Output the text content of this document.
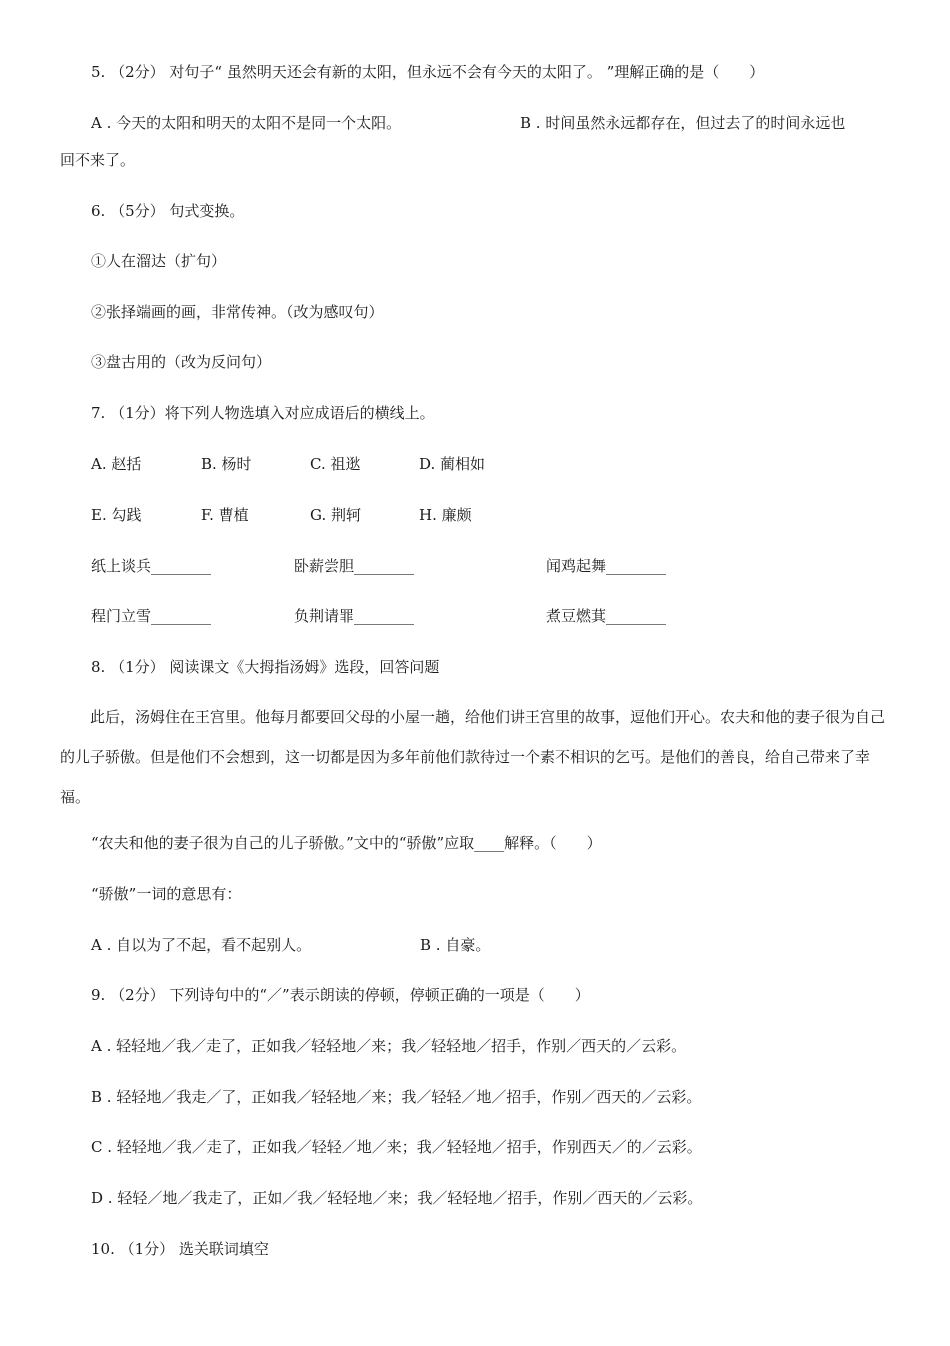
5. （2分） 对句子“ 虽然明天还会有新的太阳，但永远不会有今天的太阳了。 ”理解正确的是（　　）
A . 今天的太阳和明天的太阳不是同一个太阳。	B . 时间虽然永远都存在，但过去了的时间永远也
回不来了。
6. （5分） 句式变换。
①人在溜达（扩句）
②张择端画的画，非常传神。（改为感叹句）
③盘古用的（改为反问句）
7. （1分）将下列人物选填入对应成语后的横线上。
A. 赵括	B. 杨时	C. 祖逖	D. 蔺相如
E. 勾践	F. 曹植	G. 荆轲	H. 廉颇
纸上谈兵________	卧薪尝胆________	闻鸡起舞________
程门立雪________	负荆请罪________	煮豆燃萁________
8. （1分） 阅读课文《大拇指汤姆》选段，回答问题
此后，汤姆住在王宫里。他每月都要回父母的小屋一趟，给他们讲王宫里的故事，逗他们开心。农夫和他的妻子很为自己的儿子骄傲。但是他们不会想到，这一切都是因为多年前他们款待过一个素不相识的乞丐。是他们的善良，给自己带来了幸福。
“农夫和他的妻子很为自己的儿子骄傲。”文中的“骄傲”应取____解释。（　　）
“骄傲”一词的意思有：
A . 自以为了不起，看不起别人。	B . 自豪。
9. （2分） 下列诗句中的“／”表示朗读的停顿，停顿正确的一项是（　　）
A . 轻轻地／我／走了，正如我／轻轻地／来；我／轻轻地／招手，作别／西天的／云彩。
B . 轻轻地／我走／了，正如我／轻轻地／来；我／轻轻／地／招手，作别／西天的／云彩。
C . 轻轻地／我／走了，正如我／轻轻／地／来；我／轻轻地／招手，作别西天／的／云彩。
D . 轻轻／地／我走了，正如／我／轻轻地／来；我／轻轻地／招手，作别／西天的／云彩。
10. （1分） 选关联词填空
